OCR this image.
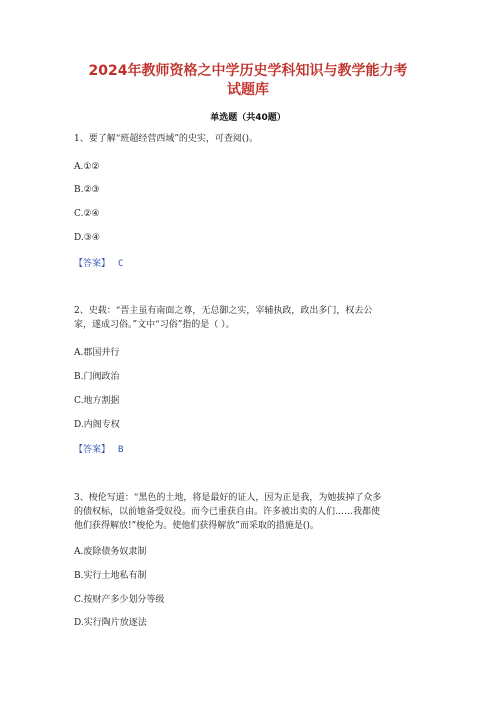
2024年教师资格之中学历史学科知识与教学能力考
试题库
单选题（共40题）
1、要了解“班超经营西域”的史实，可查阅()。
A.①②
B.②③
C.②④
D.③④
【答案】 C
2、史载：“晋主虽有南面之尊，无总御之实，宰辅执政，政出多门，权去公
家，遂成习俗。”文中“习俗”指的是（ ）。
A.郡国并行
B.门阀政治
C.地方割据
D.内阁专权
【答案】 B
3、梭伦写道：“黑色的土地，将是最好的证人，因为正是我，为她拔掉了众多
的债权标，以前她备受奴役。而今已重获自由。许多被出卖的人们……我都使
他们获得解放!”梭伦为。使他们获得解放”而采取的措施是()。
A.废除债务奴隶制
B.实行土地私有制
C.按财产多少划分等级
D.实行陶片放逐法
